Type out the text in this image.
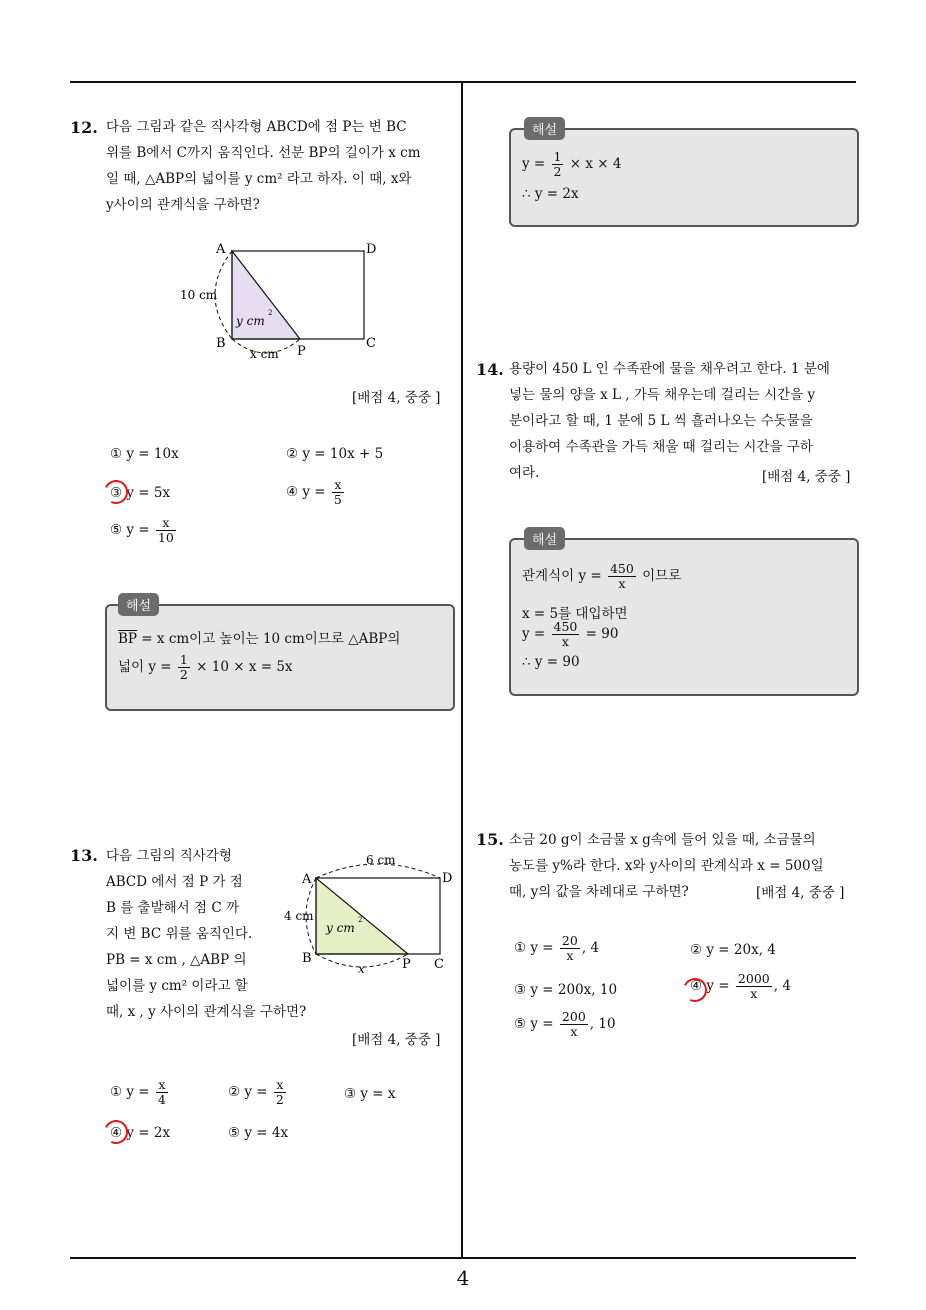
4
12. 다음 그림과 같은 직사각형 ABCD에 점 P는 변 BC
위를 B에서 C까지 움직인다. 선분 BP의 길이가 x cm
일 때, △ABP의 넓이를 y cm² 라고 하자. 이 때, x와
y사이의 관계식을 구하면?
A	D
B	C
P
10 cm
y cm
2
x cm
[배점 4, 중중 ]
① y = 10x	② y = 10x + 5
③ y = 5x	④ $y = \frac{x}{5}$
⑤ $y = \frac{x}{10}$
해설
$\overline{BP} = x$ cm이고 높이는 10 cm이므로 △ABP의
넓이 $y = \frac{1}{2} \times 10 \times x = 5x$
13. 다음 그림의 직사각형
ABCD 에서 점 P 가 점
B 를 출발해서 점 C 까
지 변 BC 위를 움직인다.
PB = x cm , △ABP 의
넓이를 y cm² 이라고 할
때, x , y 사이의 관계식을 구하면?
A	D
B	C
P
6 cm
4 cm
y cm
2
x
[배점 4, 중중 ]
① $y = \frac{x}{4}$	② $y = \frac{x}{2}$	③ y = x
④ y = 2x	⑤ y = 4x
해설
$y = \frac{1}{2} \times x \times 4$
∴ y = 2x
14. 용량이 450 L 인 수족관에 물을 채우려고 한다. 1 분에
넣는 물의 양을 x L , 가득 채우는데 걸리는 시간을 y
분이라고 할 때, 1 분에 5 L 씩 흘러나오는 수돗물을
이용하여 수족관을 가득 채울 때 걸리는 시간을 구하
여라.	[배점 4, 중중 ]
해설
관계식이 $y = \frac{450}{x}$ 이므로
x = 5를 대입하면
$y = \frac{450}{x} = 90$
∴ y = 90
15. 소금 20 g이 소금물 x g속에 들어 있을 때, 소금물의
농도를 y%라 한다. x와 y사이의 관계식과 x = 500일
때, y의 값을 차례대로 구하면?	[배점 4, 중중 ]
① $y = \frac{20}{x}$ , 4	② y = 20x, 4
③ y = 200x, 10	④ $y = \frac{2000}{x}$ , 4
⑤ $y = \frac{200}{x}$ , 10
